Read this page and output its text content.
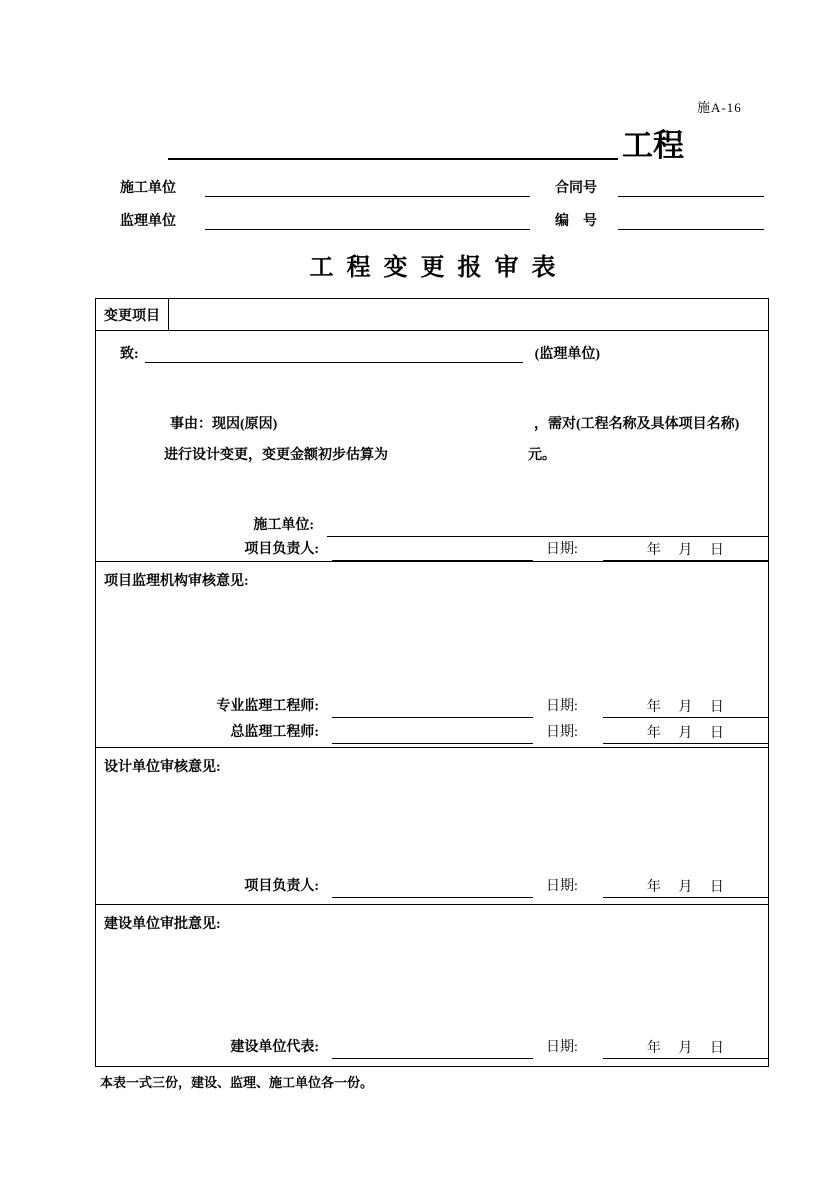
施A-16
工程
施工单位	合同号
监理单位	编　号
工 程 变 更 报 审 表
变更项目
致:	(监理单位)
事由：现因(原因)	，需对(工程名称及具体项目名称)
进行设计变更，变更金额初步估算为	元。
施工单位:
项目负责人:	日期:	年 月 日
项目监理机构审核意见:
专业监理工程师:	日期:	年 月 日
总监理工程师:	日期:	年 月 日
设计单位审核意见:
项目负责人:	日期:	年 月 日
建设单位审批意见:
建设单位代表:	日期:	年 月 日
本表一式三份，建设、监理、施工单位各一份。
